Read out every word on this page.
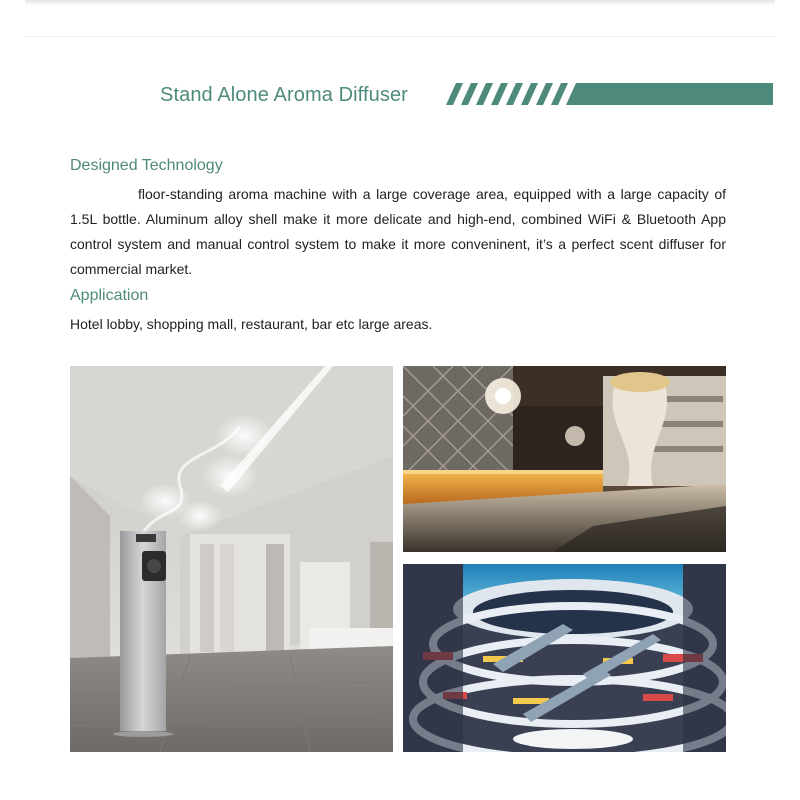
Stand Alone Aroma Diffuser
Designed Technology

floor-standing aroma machine with a large coverage area, equipped with a large capacity of 1.5L bottle. Aluminum alloy shell make it more delicate and high-end, combined WiFi & Bluetooth App control system and manual control system to make it more conveninent, it’s a perfect scent diffuser for commercial market.

Application

Hotel lobby, shopping mall, restaurant, bar etc large areas.
